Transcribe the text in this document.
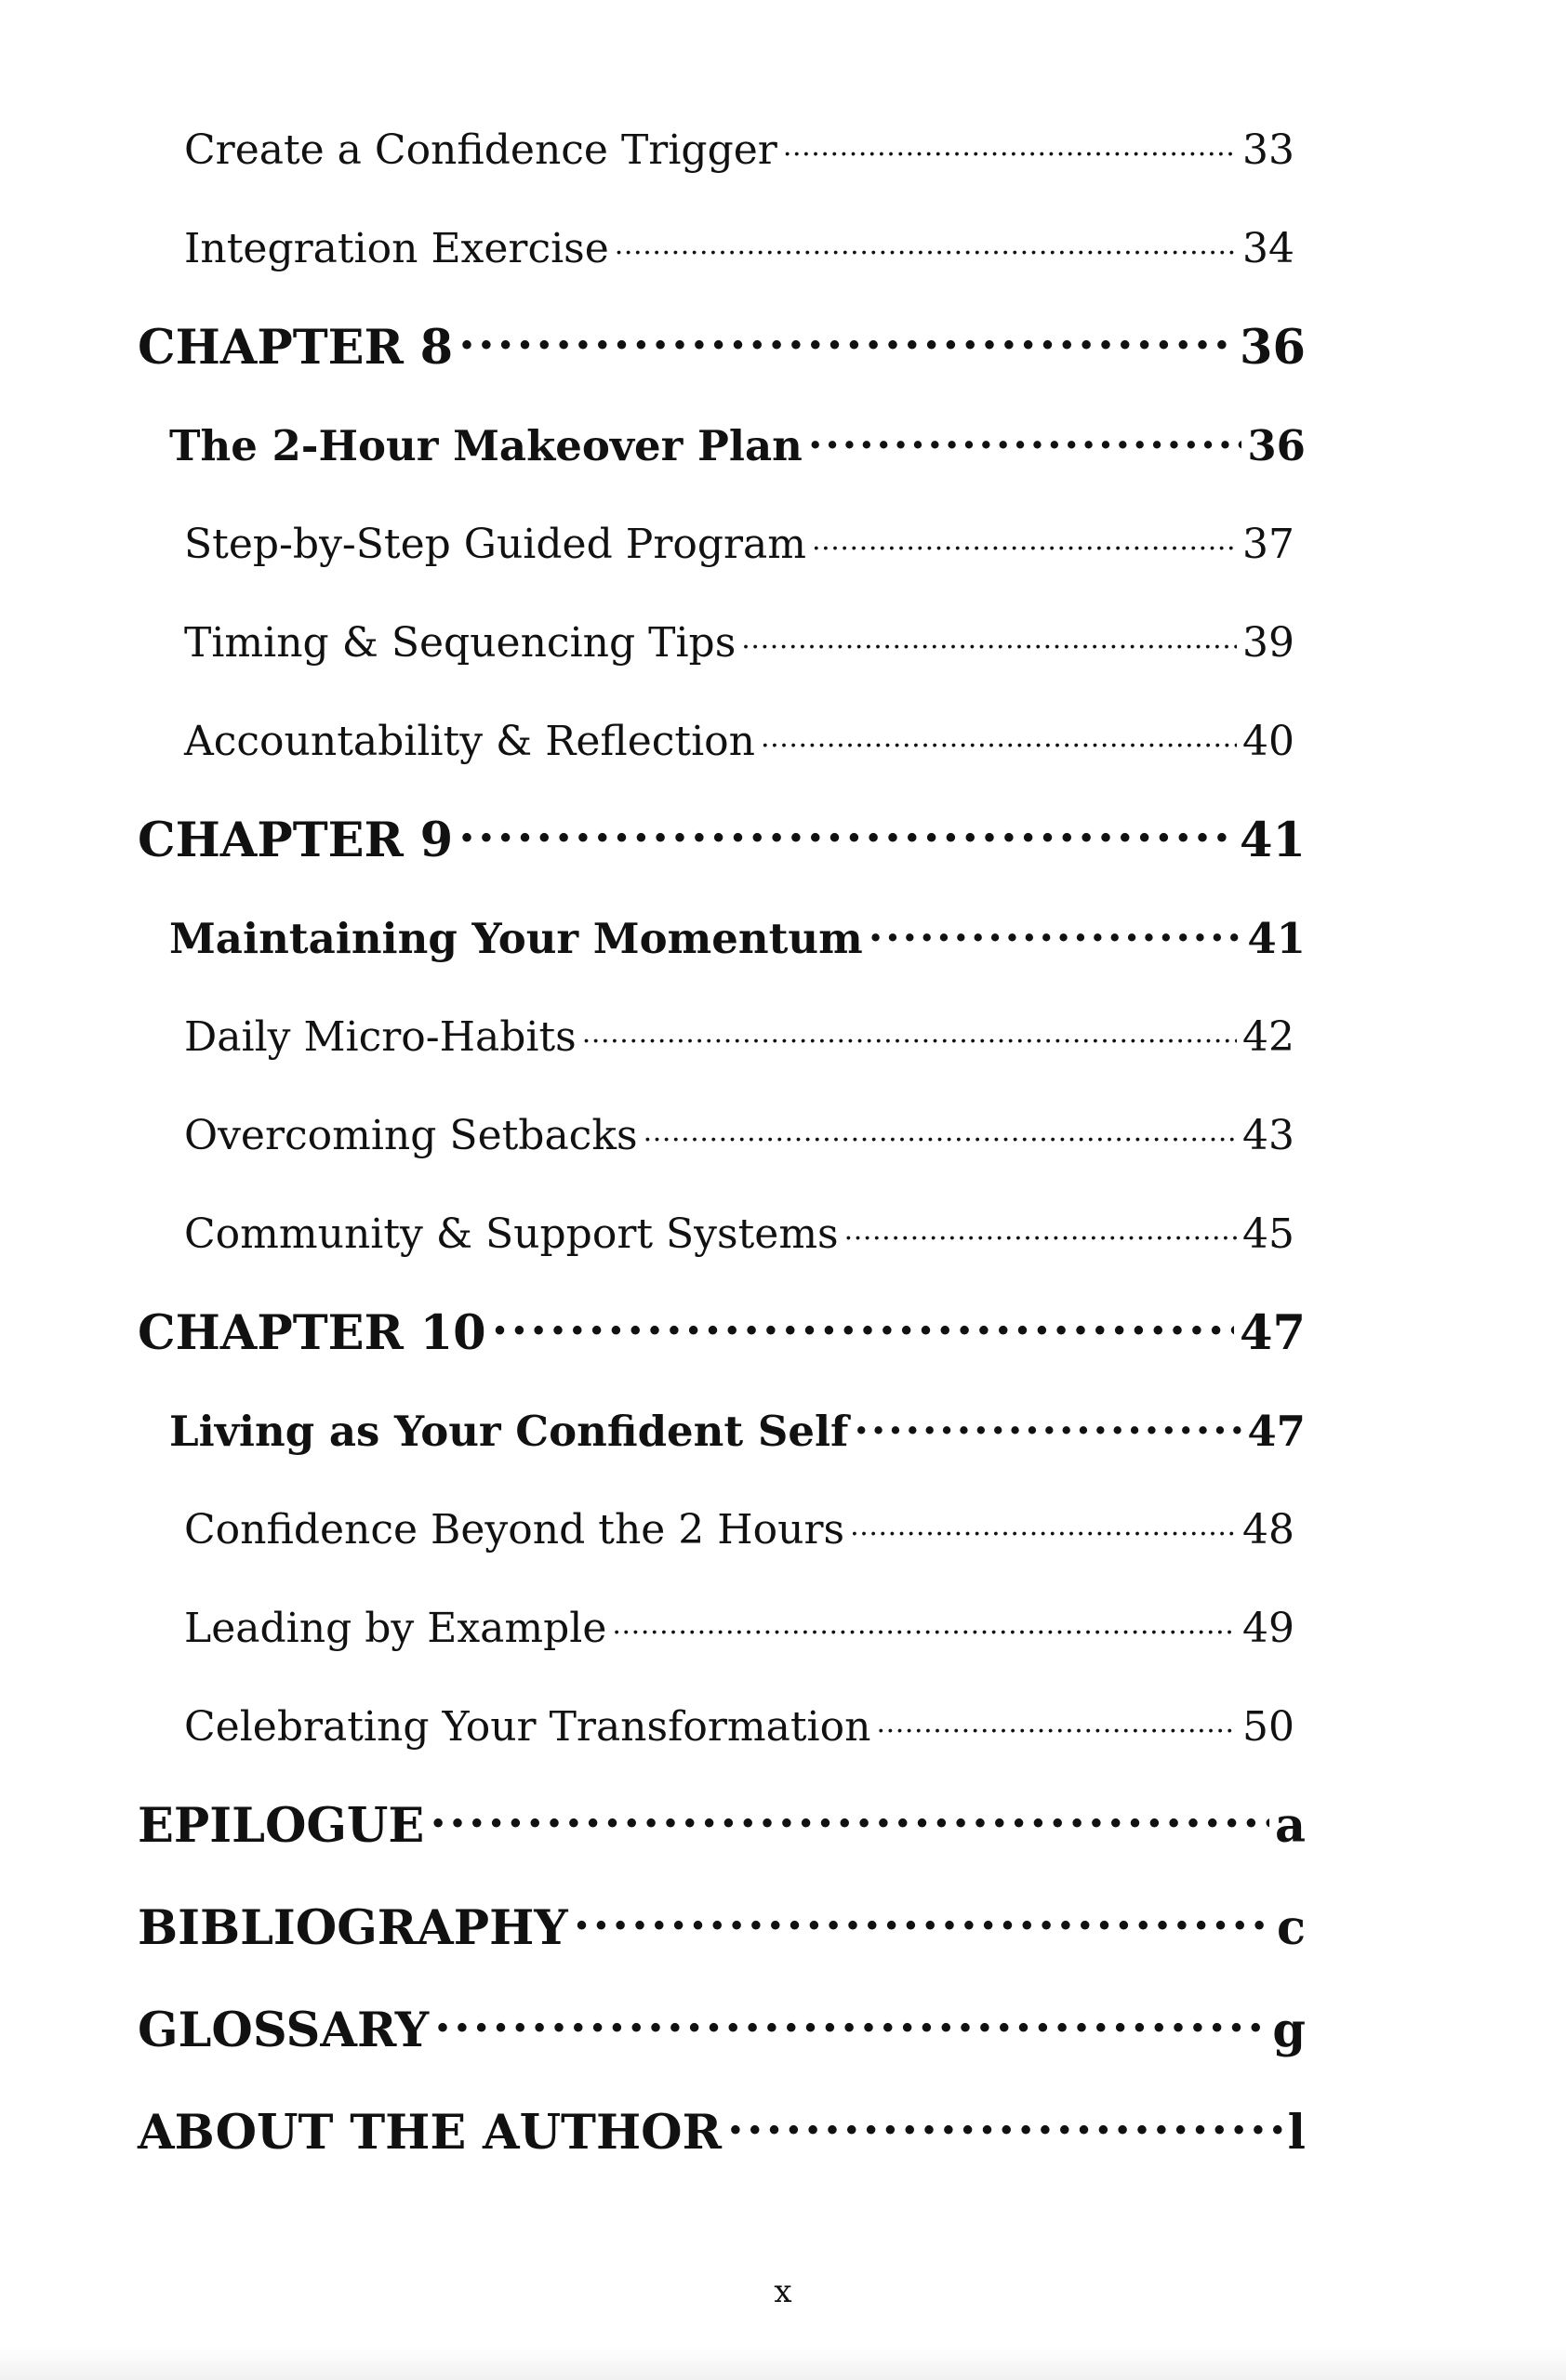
Create a Confidence Trigger .....	33
Integration Exercise .....	34
CHAPTER 8 .....	36
The 2-Hour Makeover Plan .....	36
Step-by-Step Guided Program .....	37
Timing & Sequencing Tips .....	39
Accountability & Reflection .....	40
CHAPTER 9 .....	41
Maintaining Your Momentum .....	41
Daily Micro-Habits .....	42
Overcoming Setbacks .....	43
Community & Support Systems .....	45
CHAPTER 10 .....	47
Living as Your Confident Self .....	47
Confidence Beyond the 2 Hours .....	48
Leading by Example .....	49
Celebrating Your Transformation .....	50
EPILOGUE .....	a
BIBLIOGRAPHY .....	c
GLOSSARY .....	g
ABOUT THE AUTHOR .....	l
x
